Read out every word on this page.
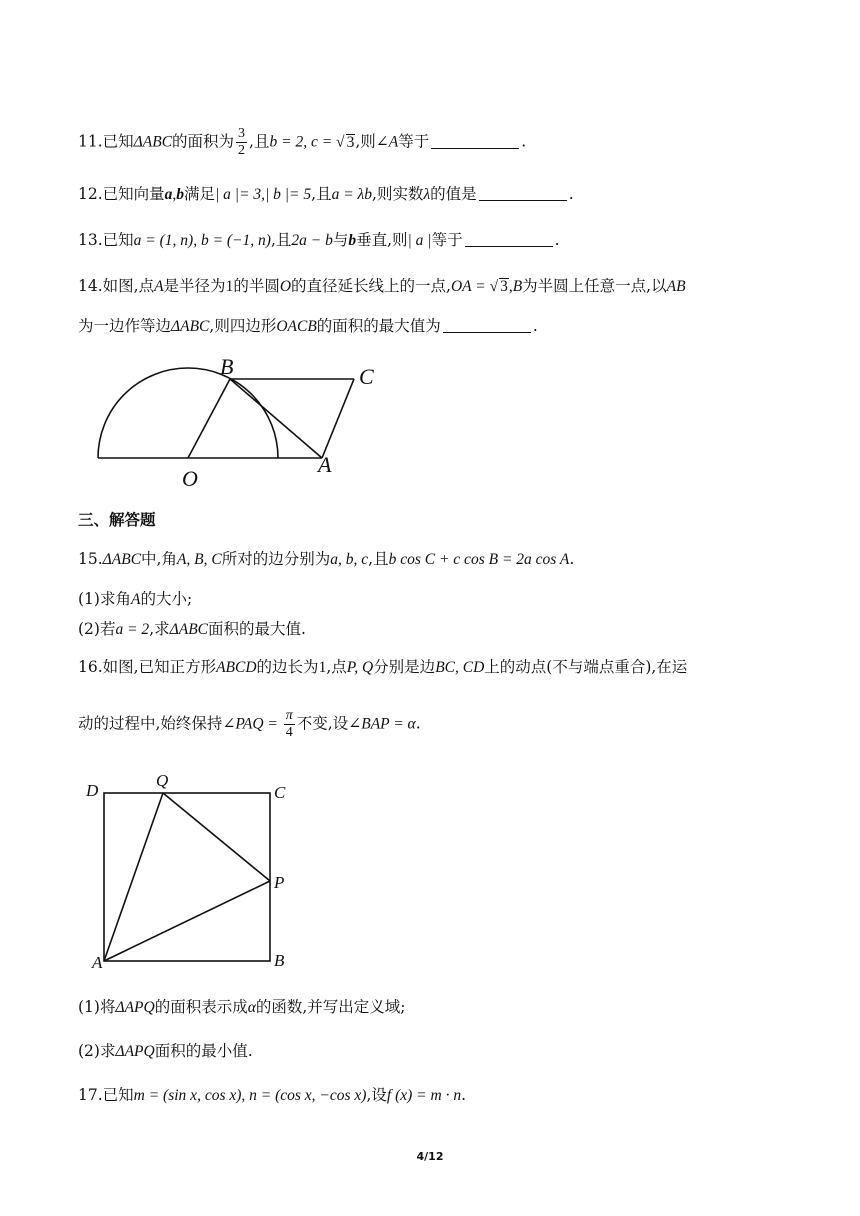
11.已知ΔABC的面积为 $\frac{3}{2}$ ,且b = 2, c = √ 3,则∠A等于	.
12.已知向量a,b满足| a |= 3,| b |= 5,且a = λb,则实数λ的值是	.
13.已知a = (1, n), b = (−1, n),且2a − b与b垂直,则| a |等于	.
14.如图,点A是半径为1的半圆O的直径延长线上的一点,OA = √ 3,B为半圆上任意一点,以AB
为一边作等边ΔABC,则四边形OACB的面积的最大值为	.
B	C
O
A
三、解答题
15.ΔABC中,角A, B, C所对的边分别为a, b, c,且b cos C + c cos B = 2a cos A.
(1)求角A的大小;
(2)若a = 2,求ΔABC面积的最大值.
16.如图,已知正方形ABCD的边长为1,点P, Q分别是边BC, CD上的动点(不与端点重合),在运
动的过程中,始终保持∠PAQ = $\frac{\pi}{4}$ 不变,设∠BAP = α.
D
Q
C
P
A	B
(1)将ΔAPQ的面积表示成α的函数,并写出定义域;
(2)求ΔAPQ面积的最小值.
17.已知m = (sin x, cos x), n = (cos x, −cos x),设f (x) = m · n.
4/12
